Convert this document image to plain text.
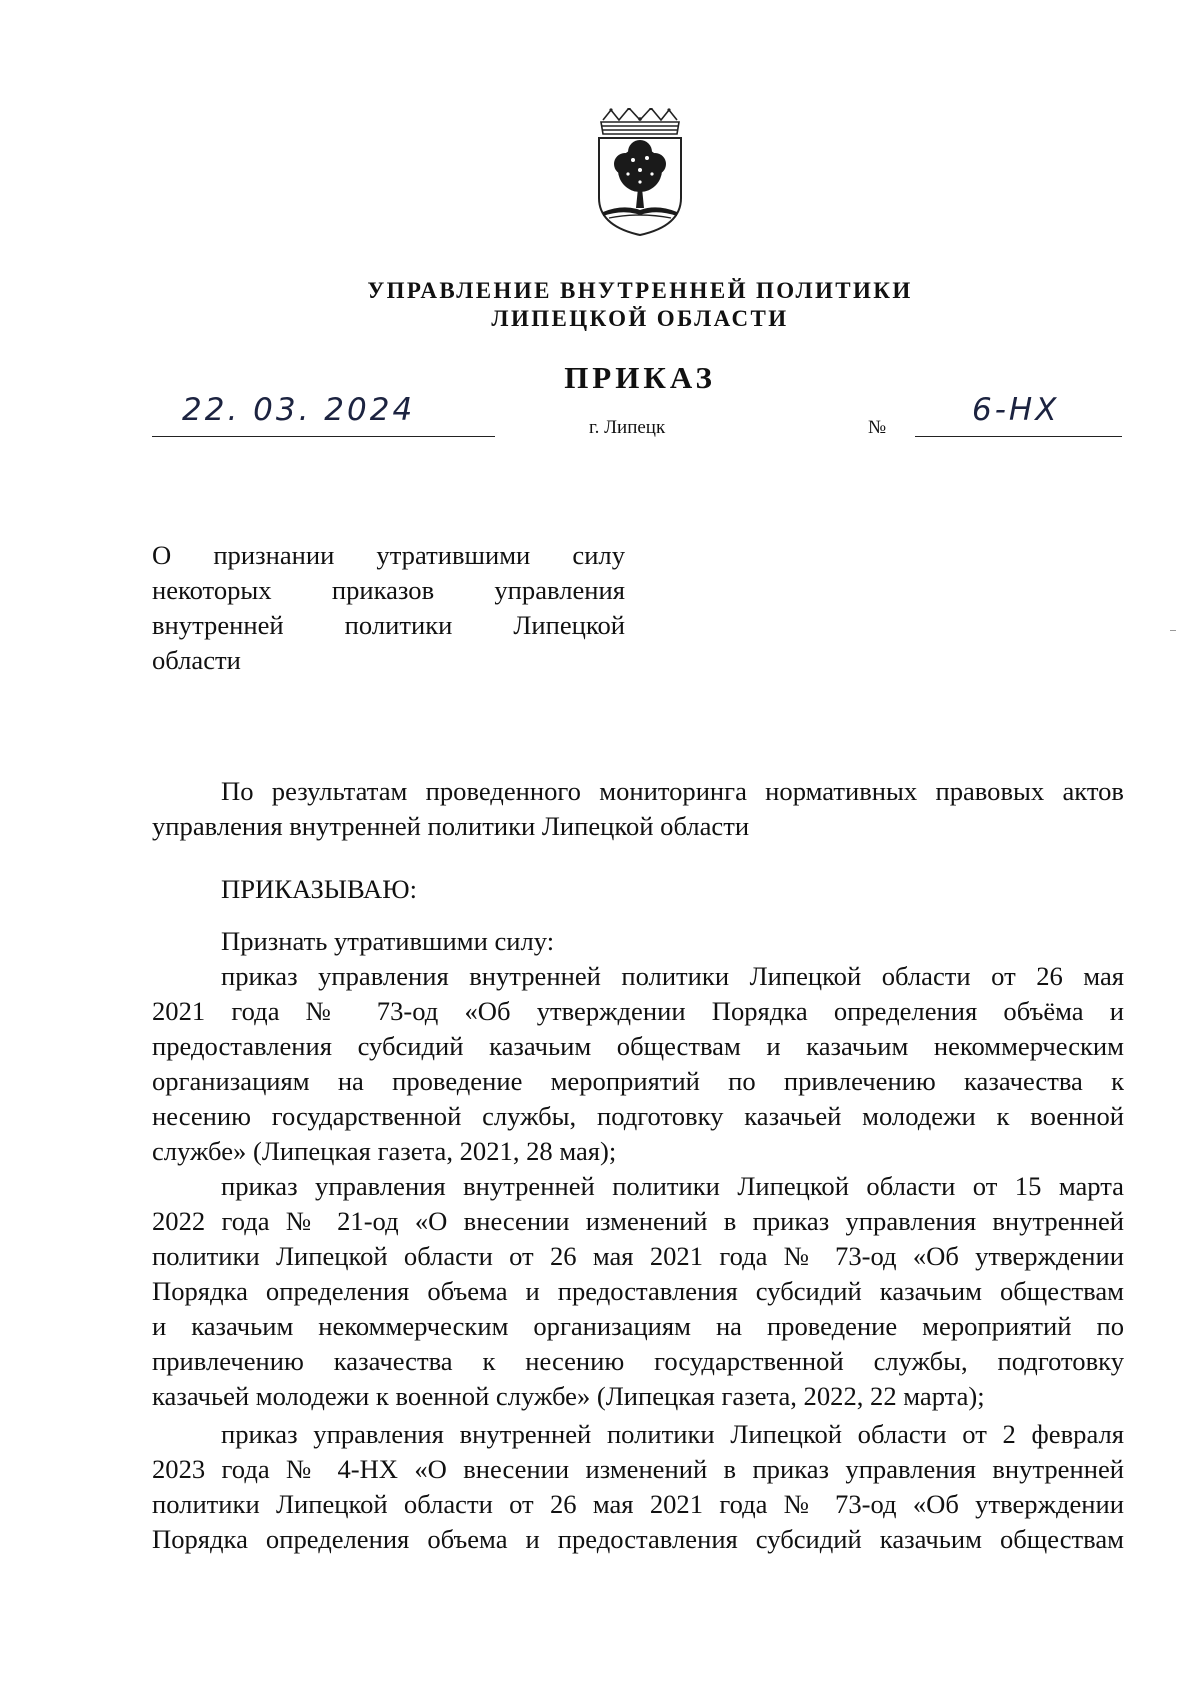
УПРАВЛЕНИЕ ВНУТРЕННЕЙ ПОЛИТИКИ
ЛИПЕЦКОЙ ОБЛАСТИ
ПРИКАЗ
22. 03. 2024	г. Липецк	№	6-НХ
О признании утратившими силу
некоторых приказов управления
внутренней политики Липецкой
области
По результатам проведенного мониторинга нормативных правовых актов
управления внутренней политики Липецкой области
ПРИКАЗЫВАЮ:
Признать утратившими силу:
приказ управления внутренней политики Липецкой области от 26 мая
2021 года № 73-од «Об утверждении Порядка определения объёма и
предоставления субсидий казачьим обществам и казачьим некоммерческим
организациям на проведение мероприятий по привлечению казачества к
несению государственной службы, подготовку казачьей молодежи к военной
службе» (Липецкая газета, 2021, 28 мая);
приказ управления внутренней политики Липецкой области от 15 марта
2022 года № 21-од «О внесении изменений в приказ управления внутренней
политики Липецкой области от 26 мая 2021 года № 73-од «Об утверждении
Порядка определения объема и предоставления субсидий казачьим обществам
и казачьим некоммерческим организациям на проведение мероприятий по
привлечению казачества к несению государственной службы, подготовку
казачьей молодежи к военной службе» (Липецкая газета, 2022, 22 марта);
приказ управления внутренней политики Липецкой области от 2 февраля
2023 года № 4-НХ «О внесении изменений в приказ управления внутренней
политики Липецкой области от 26 мая 2021 года № 73-од «Об утверждении
Порядка определения объема и предоставления субсидий казачьим обществам
